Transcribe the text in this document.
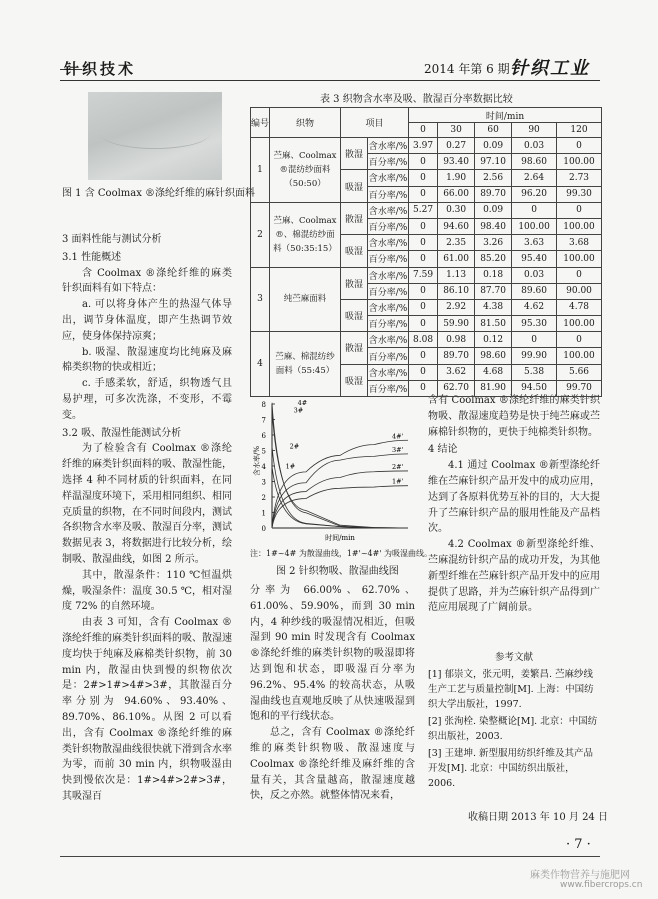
针织技术	2014 年第 6 期 针织工业
图 1 含 Coolmax ®涤纶纤维的麻针织面料
3 面料性能与测试分析
3.1 性能概述
含 Coolmax ®涤纶纤维的麻类针织面料有如下特点：
a. 可以将身体产生的热湿气体导出，调节身体温度，即产生热调节效应，使身体保持凉爽；
b. 吸湿、散湿速度均比纯麻及麻棉类织物的快或相近；
c. 手感柔软，舒适，织物透气且易护理，可多次洗涤，不变形，不霉变。
3.2 吸、散湿性能测试分析
为了检验含有 Coolmax ®涤纶纤维的麻类针织面料的吸、散湿性能，选择 4 种不同材质的针织面料，在同样温湿度环境下，采用相同组织、相同克质量的织物，在不同时间段内，测试各织物含水率及吸、散湿百分率，测试数据见表 3，将数据进行比较分析，绘制吸、散湿曲线，如图 2 所示。
其中，散湿条件：110 ℃恒温烘燥，吸湿条件：温度 30.5 ℃，相对湿度 72% 的自然环境。
由表 3 可知，含有 Coolmax ®涤纶纤维的麻类针织面料的吸、散湿速度均快于纯麻及麻棉类针织物，前 30 min 内，散湿由快到慢的织物依次是：2#>1#>4#>3#，其散湿百分率分别为 94.60%、93.40%、89.70%、86.10%。从图 2 可以看出，含有 Coolmax ®涤纶纤维的麻类针织物散湿曲线很快就下滑到含水率为零，而前 30 min 内，织物吸湿由快到慢依次是：1#>4#>2#>3#，其吸湿百
分率为 66.00%、62.70%、61.00%、59.90%，而到 30 min 内，4 种纱线的吸湿情况相近，但吸湿到 90 min 时发现含有 Coolmax ®涤纶纤维的麻类针织物的吸湿即将达到饱和状态，即吸湿百分率为 96.2%、95.4% 的较高状态，从吸湿曲线也直观地反映了从快速吸湿到饱和的平行线状态。
总之，含有 Coolmax ®涤纶纤维的麻类针织物吸、散湿速度与 Coolmax ®涤纶纤维及麻纤维的含量有关，其含量越高，散湿速度越快，反之亦然。就整体情况来看，
含有 Coolmax ®涤纶纤维的麻类针织物吸、散湿速度趋势是快于纯苎麻或苎麻棉针织物的，更快于纯棉类针织物。
4 结论
4.1 通过 Coolmax ®新型涤纶纤维在苎麻针织产品开发中的成功应用，达到了各原料优势互补的目的，大大提升了苎麻针织产品的服用性能及产品档次。
4.2 Coolmax ®新型涤纶纤维、苎麻混纺针织产品的成功开发，为其他新型纤维在苎麻针织产品开发中的应用提供了思路，并为苎麻针织产品得到广范应用展现了广阔前景。
表 3 织物含水率及吸、散湿百分率数据比较
编号	织物	项目		时间/min				
				0	30	60	90	120
1	苎麻、Coolmax ®混纺纱面料（50:50）	散湿	含水率/%	3.97	0.27	0.09	0.03	0
			百分率/%	0	93.40	97.10	98.60	100.00
		吸湿	含水率/%	0	1.90	2.56	2.64	2.73
			百分率/%	0	66.00	89.70	96.20	99.30
2	苎麻、Coolmax ®、棉混纺纱面料（50:35:15）	散湿	含水率/%	5.27	0.30	0.09	0	0
			百分率/%	0	94.60	98.40	100.00	100.00
		吸湿	含水率/%	0	2.35	3.26	3.63	3.68
			百分率/%	0	61.00	85.20	95.40	100.00
3	纯苎麻面料	散湿	含水率/%	7.59	1.13	0.18	0.03	0
			百分率/%	0	86.10	87.70	89.60	90.00
		吸湿	含水率/%	0	2.92	4.38	4.62	4.78
			百分率/%	0	59.90	81.50	95.30	100.00
4	苎麻、棉混纺纱面料（55:45）	散湿	含水率/%	8.08	0.98	0.12	0	0
			百分率/%	0	89.70	98.60	99.90	100.00
		吸湿	含水率/%	0	3.62	4.68	5.38	5.66
			百分率/%	0	62.70	81.90	94.50	99.70
0
1
2
3
4
5
6
7
8
含水率/%
时间/min
1#
2#
3#
4#
1#'
2#'
3#'
4#'
注：1#~4# 为散湿曲线，1#'~4#' 为吸湿曲线。
图 2 针织物吸、散湿曲线图
参考文献
[1] 郁崇文，张元明，姜繁昌. 苎麻纱线生产工艺与质量控制[M]. 上海：中国纺织大学出版社，1997.
[2] 张洵栓. 染整概论[M]. 北京：中国纺织出版社，2003.
[3] 王建坤. 新型服用纺织纤维及其产品开发[M]. 北京：中国纺织出版社，2006.
收稿日期 2013 年 10 月 24 日
· 7 ·
麻类作物营养与施肥网
www.fibercrops.cn
